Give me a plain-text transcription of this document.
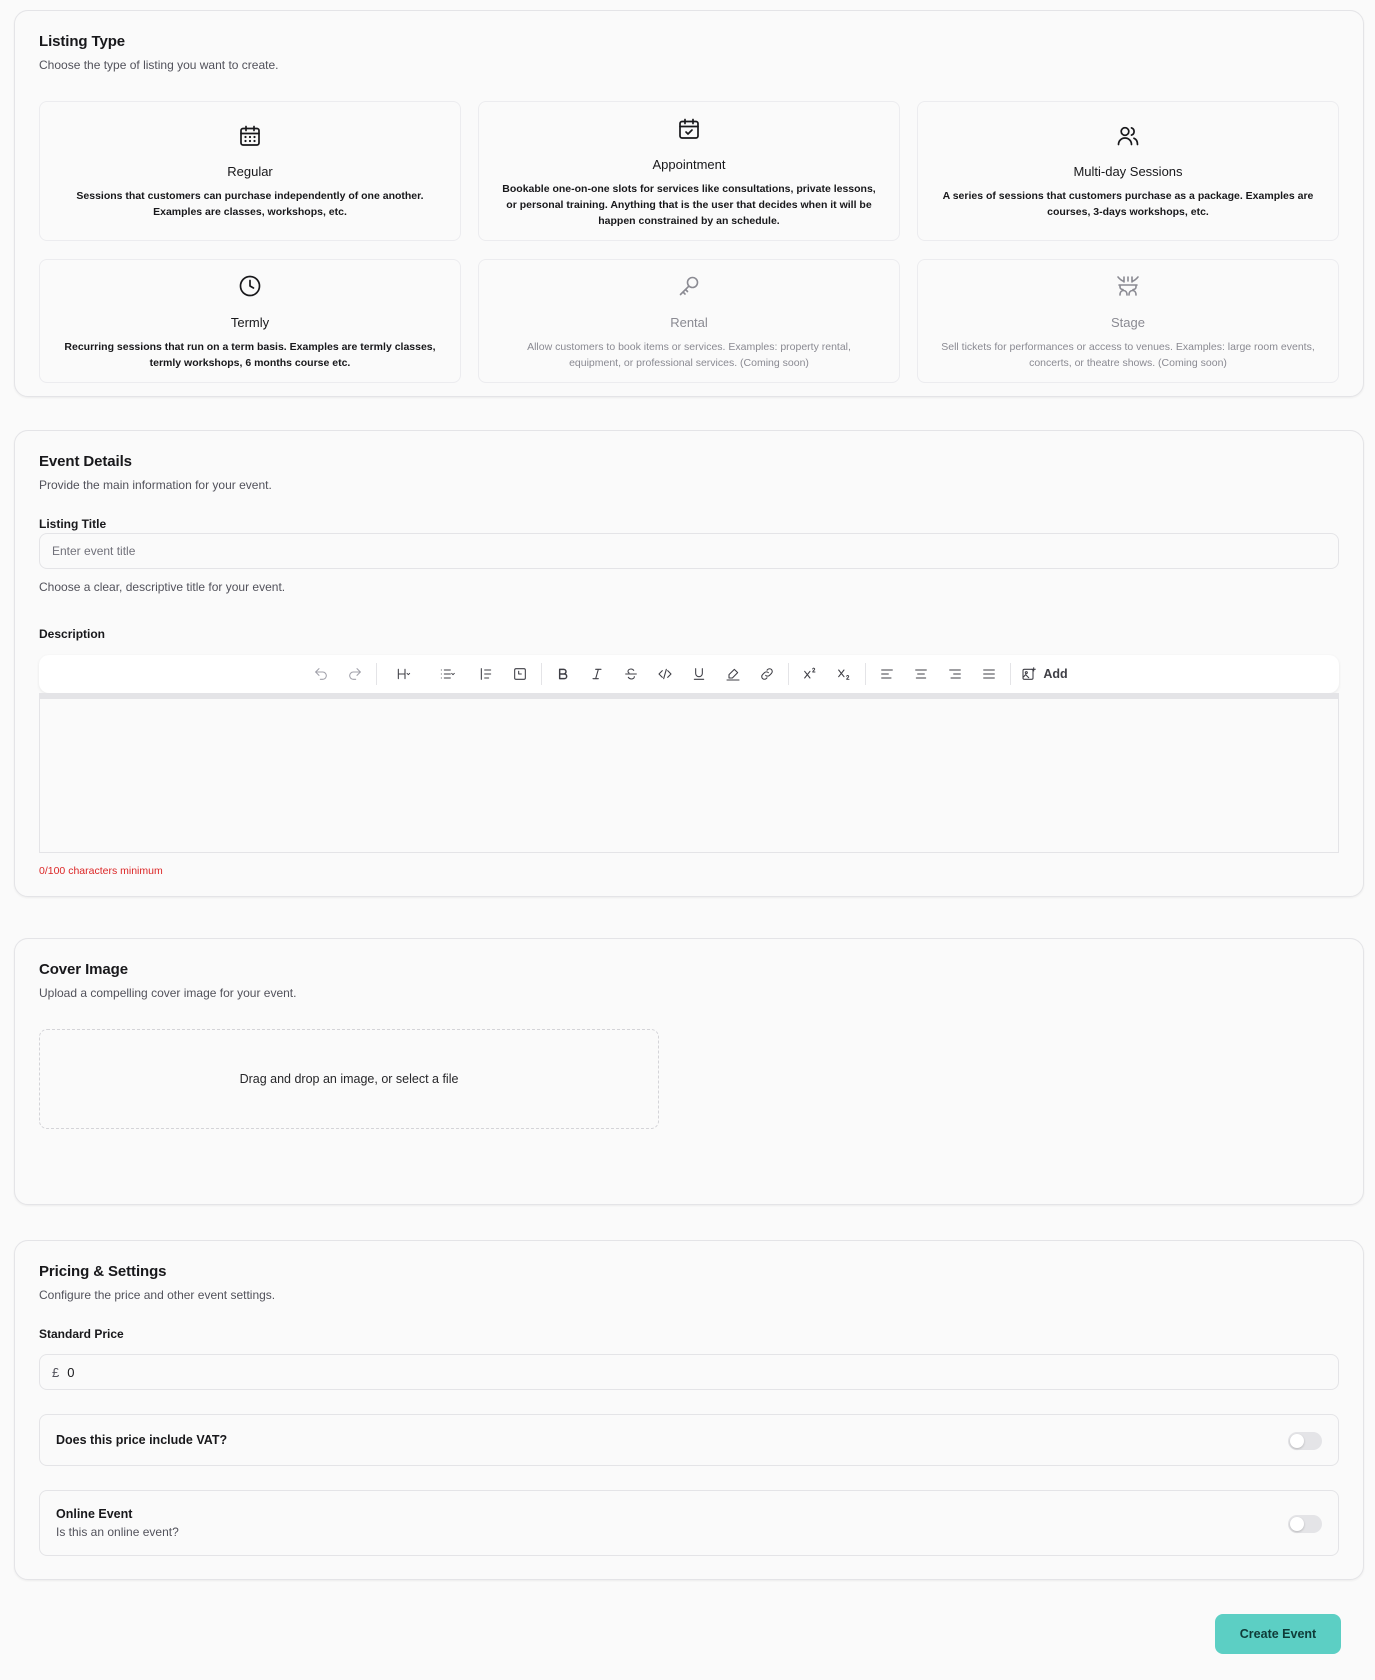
Listing Type

Choose the type of listing you want to create.

Regular
Sessions that customers can purchase independently of one another. Examples are classes, workshops, etc.
Appointment
Bookable one-on-one slots for services like consultations, private lessons, or personal training. Anything that is the user that decides when it will be happen constrained by an schedule.
Multi-day Sessions
A series of sessions that customers purchase as a package. Examples are courses, 3-days workshops, etc.
Termly
Recurring sessions that run on a term basis. Examples are termly classes, termly workshops, 6 months course etc.
Rental
Allow customers to book items or services. Examples: property rental, equipment, or professional services. (Coming soon)
Stage
Sell tickets for performances or access to venues. Examples: large room events, concerts, or theatre shows. (Coming soon)
Event Details

Provide the main information for your event.

Listing Title
Enter event title

Choose a clear, descriptive title for your event.

Description
Add

0/100 characters minimum

Cover Image

Upload a compelling cover image for your event.

Drag and drop an image, or select a file
Pricing & Settings

Configure the price and other event settings.

Standard Price
£ 0
Does this price include VAT?
Online Event
Is this an online event?
Create Event
